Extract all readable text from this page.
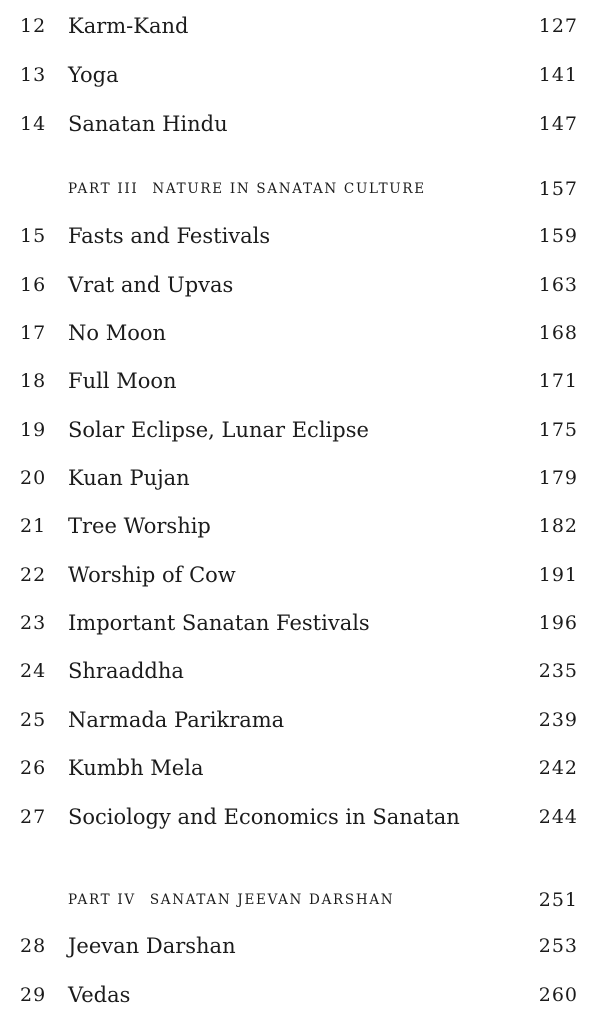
12	Karm-Kand	127
13	Yoga	141
14	Sanatan Hindu	147
PART III NATURE IN SANATAN CULTURE	157
15	Fasts and Festivals	159
16	Vrat and Upvas	163
17	No Moon	168
18	Full Moon	171
19	Solar Eclipse, Lunar Eclipse	175
20	Kuan Pujan	179
21	Tree Worship	182
22	Worship of Cow	191
23	Important Sanatan Festivals	196
24	Shraaddha	235
25	Narmada Parikrama	239
26	Kumbh Mela	242
27	Sociology and Economics in Sanatan	244
PART IV SANATAN JEEVAN DARSHAN	251
28	Jeevan Darshan	253
29	Vedas	260
